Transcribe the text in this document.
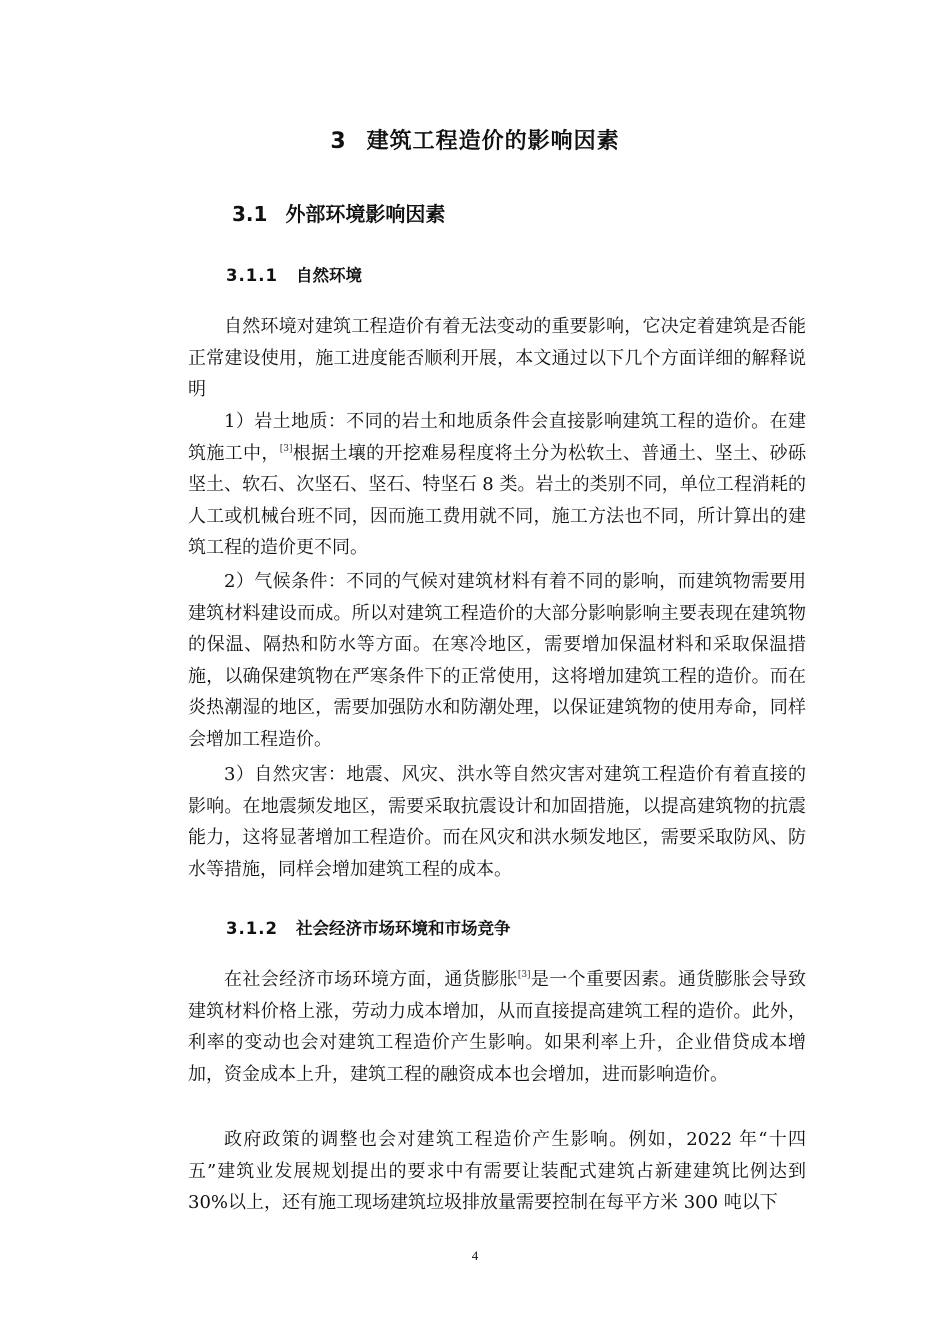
3 建筑工程造价的影响因素
3.1 外部环境影响因素
3.1.1 自然环境

自然环境对建筑工程造价有着无法变动的重要影响，它决定着建筑是否能正常建设使用，施工进度能否顺利开展，本文通过以下几个方面详细的解释说明

1）岩土地质：不同的岩土和地质条件会直接影响建筑工程的造价。在建筑施工中，[3]根据土壤的开挖难易程度将土分为松软土、普通土、坚土、砂砾坚土、软石、次坚石、坚石、特坚石 8 类。岩土的类别不同，单位工程消耗的人工或机械台班不同，因而施工费用就不同，施工方法也不同，所计算出的建筑工程的造价更不同。

2）气候条件：不同的气候对建筑材料有着不同的影响，而建筑物需要用建筑材料建设而成。所以对建筑工程造价的大部分影响影响主要表现在建筑物的保温、隔热和防水等方面。在寒冷地区，需要增加保温材料和采取保温措施，以确保建筑物在严寒条件下的正常使用，这将增加建筑工程的造价。而在炎热潮湿的地区，需要加强防水和防潮处理，以保证建筑物的使用寿命，同样会增加工程造价。

3）自然灾害：地震、风灾、洪水等自然灾害对建筑工程造价有着直接的影响。在地震频发地区，需要采取抗震设计和加固措施，以提高建筑物的抗震能力，这将显著增加工程造价。而在风灾和洪水频发地区，需要采取防风、防水等措施，同样会增加建筑工程的成本。

3.1.2 社会经济市场环境和市场竞争

在社会经济市场环境方面，通货膨胀[3]是一个重要因素。通货膨胀会导致建筑材料价格上涨，劳动力成本增加，从而直接提高建筑工程的造价。此外，利率的变动也会对建筑工程造价产生影响。如果利率上升，企业借贷成本增加，资金成本上升，建筑工程的融资成本也会增加，进而影响造价。

政府政策的调整也会对建筑工程造价产生影响。例如，2022 年“十四五”建筑业发展规划提出的要求中有需要让装配式建筑占新建建筑比例达到 30%以上，还有施工现场建筑垃圾排放量需要控制在每平方米 300 吨以下

4
